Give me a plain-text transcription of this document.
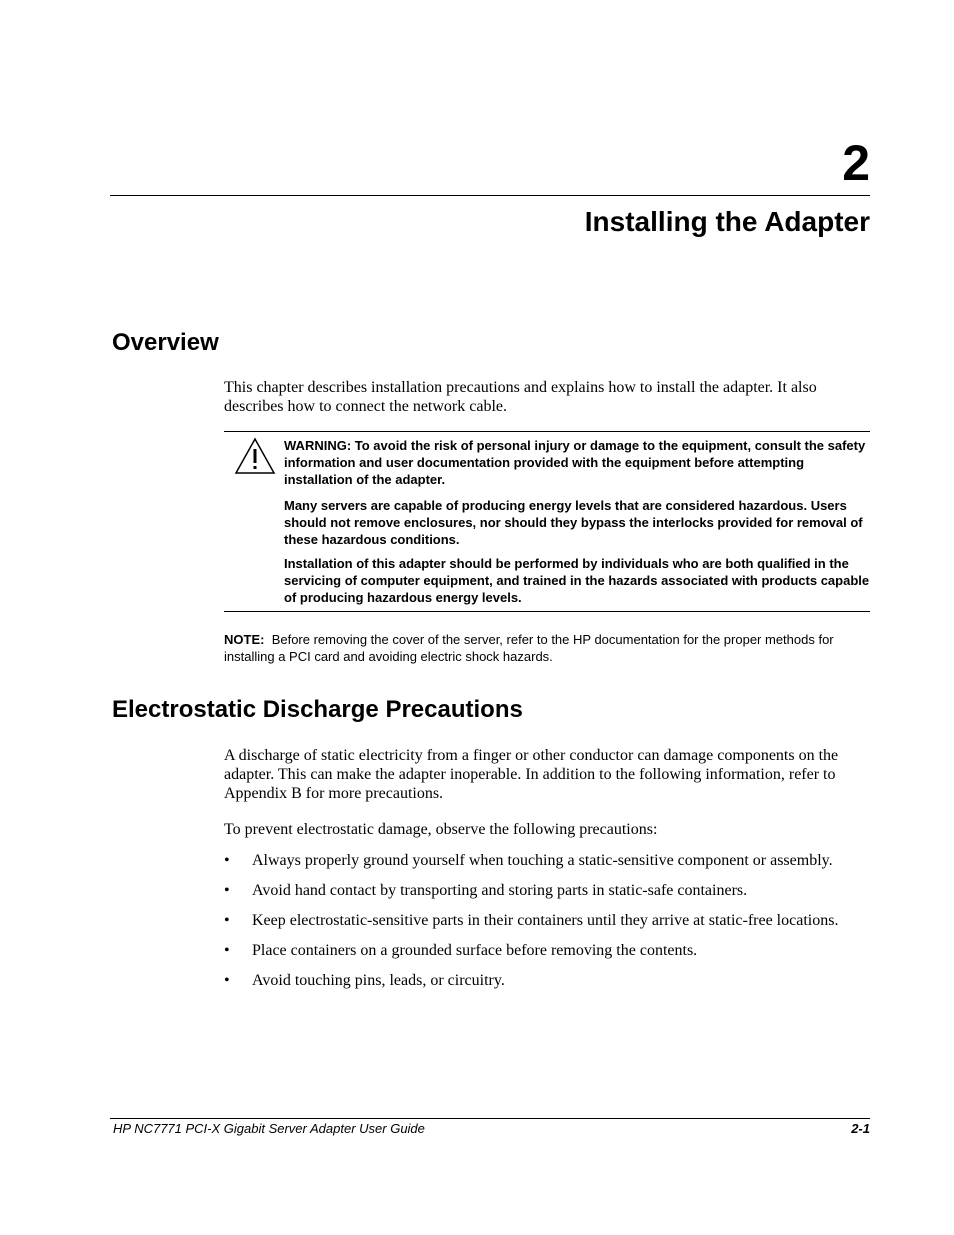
2
Installing the Adapter
Overview

This chapter describes installation precautions and explains how to install the adapter. It also describes how to connect the network cable.

WARNING: To avoid the risk of personal injury or damage to the equipment, consult the safety information and user documentation provided with the equipment before attempting installation of the adapter.

Many servers are capable of producing energy levels that are considered hazardous. Users should not remove enclosures, nor should they bypass the interlocks provided for removal of these hazardous conditions.

Installation of this adapter should be performed by individuals who are both qualified in the servicing of computer equipment, and trained in the hazards associated with products capable of producing hazardous energy levels.

NOTE: Before removing the cover of the server, refer to the HP documentation for the proper methods for installing a PCI card and avoiding electric shock hazards.

Electrostatic Discharge Precautions

A discharge of static electricity from a finger or other conductor can damage components on the adapter. This can make the adapter inoperable. In addition to the following information, refer to Appendix B for more precautions.

To prevent electrostatic damage, observe the following precautions:

• Always properly ground yourself when touching a static-sensitive component or assembly.
• Avoid hand contact by transporting and storing parts in static-safe containers.
• Keep electrostatic-sensitive parts in their containers until they arrive at static-free locations.
• Place containers on a grounded surface before removing the contents.
• Avoid touching pins, leads, or circuitry.
HP NC7771 PCI-X Gigabit Server Adapter User Guide	2-1
